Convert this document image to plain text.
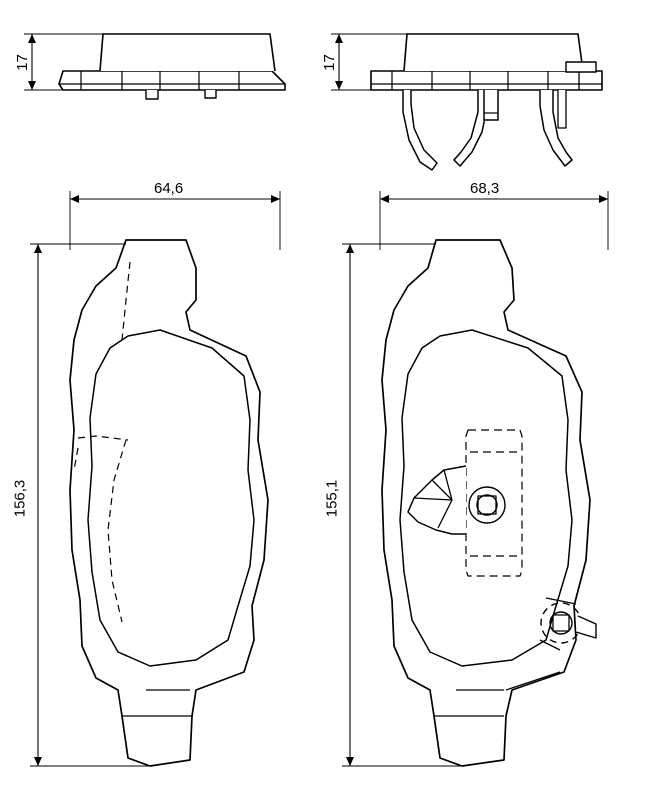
17	17
64,6	68,3
156,3	155,1
